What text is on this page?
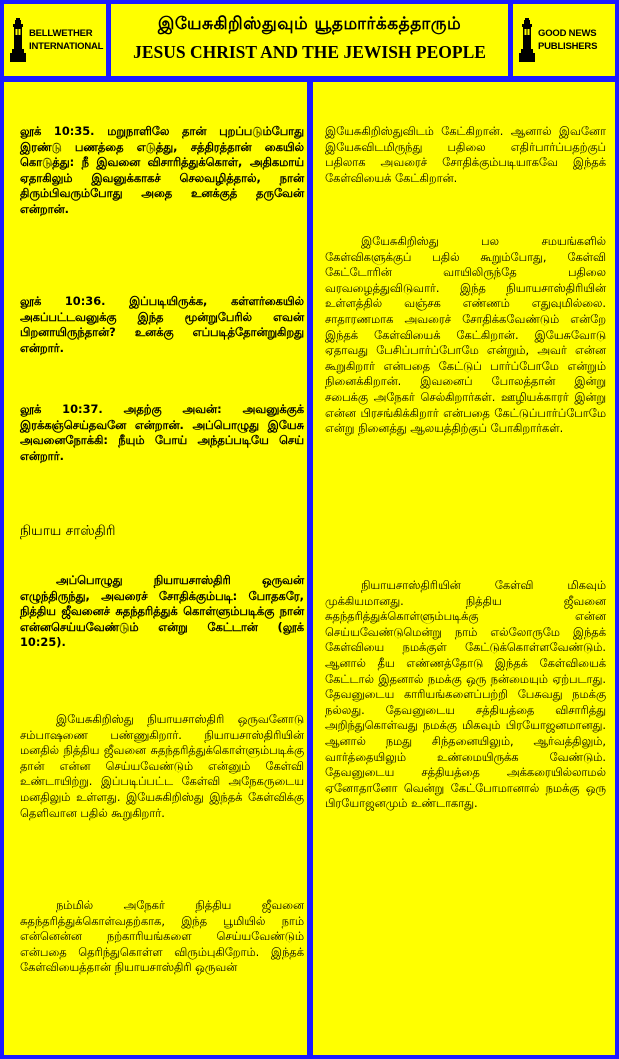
BELLWETHER
INTERNATIONAL
இயேசுகிறிஸ்துவும் யூதமார்க்கத்தாரும்
JESUS CHRIST AND THE JEWISH PEOPLE
GOOD NEWS
PUBLISHERS
லூக் 10:35. மறுநாளிலே தான் புறப்படும்போது இரண்டு பணத்தை எடுத்து, சத்திரத்தான் கையில் கொடுத்து: நீ இவனை விசாரித்துக்கொள், அதிகமாய் ஏதாகிலும் இவனுக்காகச் செலவழித்தால், நான் திரும்பிவரும்போது அதை உனக்குத் தருவேன் என்றான்.
லூக் 10:36. இப்படியிருக்க, கள்ளர்கையில் அகப்பட்டவனுக்கு இந்த மூன்றுபேரில் எவன் பிறனாயிருந்தான்? உனக்கு எப்படித்தோன்றுகிறது என்றார்.
லூக் 10:37. அதற்கு அவன்: அவனுக்குக் இரக்கஞ்செய்தவனே என்றான். அப்பொழுது இயேசு அவனைநோக்கி: நீயும் போய் அந்தப்படியே செய் என்றார்.
நியாய சாஸ்திரி
அப்பொழுது நியாயசாஸ்திரி ஒருவன் எழுந்திருந்து, அவரைச் சோதிக்கும்படி: போதகரே, நித்திய ஜீவனைச் சுதந்தரித்துக் கொள்ளும்படிக்கு நான் என்னசெய்யவேண்டும் என்று கேட்டான் (லூக் 10:25).
இயேசுகிறிஸ்து நியாயசாஸ்திரி ஒருவனோடு சம்பாஷணை பண்ணுகிறார். நியாயசாஸ்திரியின் மனதில் நித்திய ஜீவனை சுதந்தரித்துக்கொள்ளும்படிக்கு தான் என்ன செய்யவேண்டும் என்னும் கேள்வி உண்டாயிற்று. இப்படிப்பட்ட கேள்வி அநேகருடைய மனதிலும் உள்ளது. இயேசுகிறிஸ்து இந்தக் கேள்விக்கு தெளிவான பதில் கூறுகிறார்.
நம்மில் அநேகர் நித்திய ஜீவனை சுதந்தரித்துக்கொள்வதற்காக, இந்த பூமியில் நாம் என்னென்ன நற்காரியங்களை செய்யவேண்டும் என்பதை தெரிந்துகொள்ள விரும்புகிறோம். இந்தக் கேள்வியைத்தான் நியாயசாஸ்திரி ஒருவன்
இயேசுகிறிஸ்துவிடம் கேட்கிறான். ஆனால் இவனோ இயேசுவிடமிருந்து பதிலை எதிர்பார்ப்பதற்குப் பதிலாக அவரைச் சோதிக்கும்படியாகவே இந்தக் கேள்வியைக் கேட்கிறான்.
இயேசுகிறிஸ்து பல சமயங்களில் கேள்விகளுக்குப் பதில் கூறும்போது, கேள்வி கேட்டோரின் வாயிலிருந்தே பதிலை வரவழைத்துவிடுவார். இந்த நியாயசாஸ்திரியின் உள்ளத்தில் வஞ்சக எண்ணம் எதுவுமில்லை. சாதாரணமாக அவரைச் சோதிக்கவேண்டும் என்றே இந்தக் கேள்வியைக் கேட்கிறான். இயேசுவோடு ஏதாவது பேசிப்பார்ப்போமே என்றும், அவர் என்ன கூறுகிறார் என்பதை கேட்டுப் பார்ப்போமே என்றும் நினைக்கிறான். இவனைப் போலத்தான் இன்று சபைக்கு அநேகர் செல்கிறார்கள். ஊழியக்காரர் இன்று என்ன பிரசங்கிக்கிறார் என்பதை கேட்டுப்பார்ப்போமே என்று நினைத்து ஆலயத்திற்குப் போகிறார்கள்.
நியாயசாஸ்திரியின் கேள்வி மிகவும் முக்கியமானது. நித்திய ஜீவனை சுதந்தரித்துக்கொள்ளும்படிக்கு என்ன செய்யவேண்டுமென்று நாம் எல்லோருமே இந்தக் கேள்வியை நமக்குள் கேட்டுக்கொள்ளவேண்டும். ஆனால் தீய எண்ணத்தோடு இந்தக் கேள்வியைக் கேட்டால் இதனால் நமக்கு ஒரு நன்மையும் ஏற்படாது. தேவனுடைய காரியங்களைப்பற்றி பேசுவது நமக்கு நல்லது. தேவனுடைய சத்தியத்தை விசாரித்து அறிந்துகொள்வது நமக்கு மிகவும் பிரயோஜனமானது. ஆனால் நமது சிந்தனையிலும், ஆர்வத்திலும், வார்த்தையிலும் உண்மையிருக்க வேண்டும். தேவனுடைய சத்தியத்தை அக்கரையில்லாமல் ஏனோதானோ வென்று கேட்போமானால் நமக்கு ஒரு பிரயோஜனமும் உண்டாகாது.
